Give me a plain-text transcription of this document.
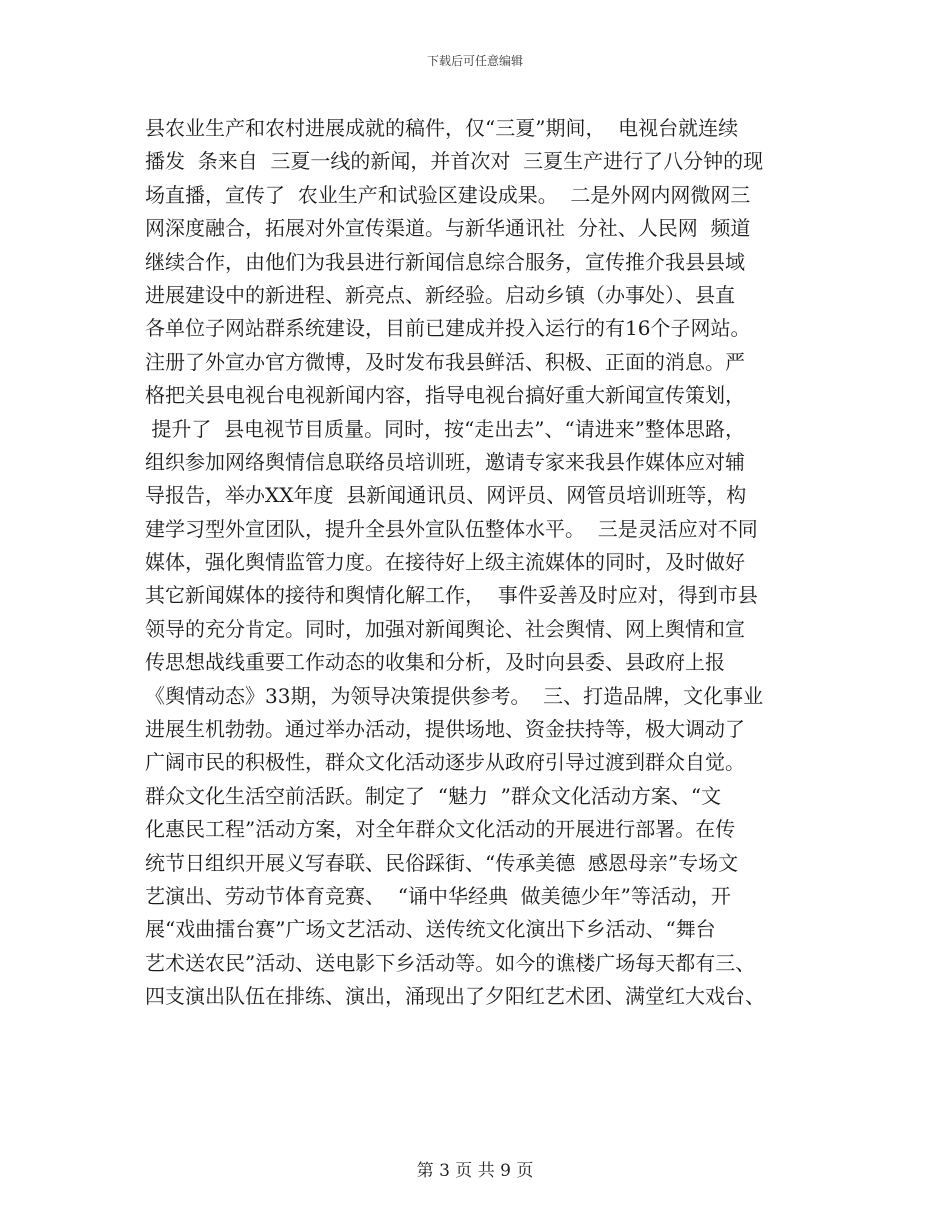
下载后可任意编辑
县农业生产和农村进展成就的稿件，仅“三夏”期间，  电视台就连续
播发  条来自  三夏一线的新闻，并首次对  三夏生产进行了八分钟的现
场直播，宣传了  农业生产和试验区建设成果。  二是外网内网微网三
网深度融合，拓展对外宣传渠道。与新华通讯社  分社、人民网  频道
继续合作，由他们为我县进行新闻信息综合服务，宣传推介我县县域
进展建设中的新进程、新亮点、新经验。启动乡镇（办事处）、县直
各单位子网站群系统建设，目前已建成并投入运行的有16个子网站。
注册了外宣办官方微博，及时发布我县鲜活、积极、正面的消息。严
格把关县电视台电视新闻内容，指导电视台搞好重大新闻宣传策划，
提升了  县电视节目质量。同时，按“走出去”、“请进来”整体思路，
组织参加网络舆情信息联络员培训班，邀请专家来我县作媒体应对辅
导报告，举办XX年度  县新闻通讯员、网评员、网管员培训班等，构
建学习型外宣团队，提升全县外宣队伍整体水平。  三是灵活应对不同
媒体，强化舆情监管力度。在接待好上级主流媒体的同时，及时做好
其它新闻媒体的接待和舆情化解工作，  事件妥善及时应对，得到市县
领导的充分肯定。同时，加强对新闻舆论、社会舆情、网上舆情和宣
传思想战线重要工作动态的收集和分析，及时向县委、县政府上报
《舆情动态》33期，为领导决策提供参考。  三、打造品牌，文化事业
进展生机勃勃。通过举办活动，提供场地、资金扶持等，极大调动了
广阔市民的积极性，群众文化活动逐步从政府引导过渡到群众自觉。
群众文化生活空前活跃。制定了  “魅力  ”群众文化活动方案、“文
化惠民工程”活动方案，对全年群众文化活动的开展进行部署。在传
统节日组织开展义写春联、民俗踩街、“传承美德  感恩母亲”专场文
艺演出、劳动节体育竞赛、  “诵中华经典  做美德少年”等活动，开
展“戏曲擂台赛”广场文艺活动、送传统文化演出下乡活动、“舞台
艺术送农民”活动、送电影下乡活动等。如今的谯楼广场每天都有三、
四支演出队伍在排练、演出，涌现出了夕阳红艺术团、满堂红大戏台、
第 3 页 共 9 页
